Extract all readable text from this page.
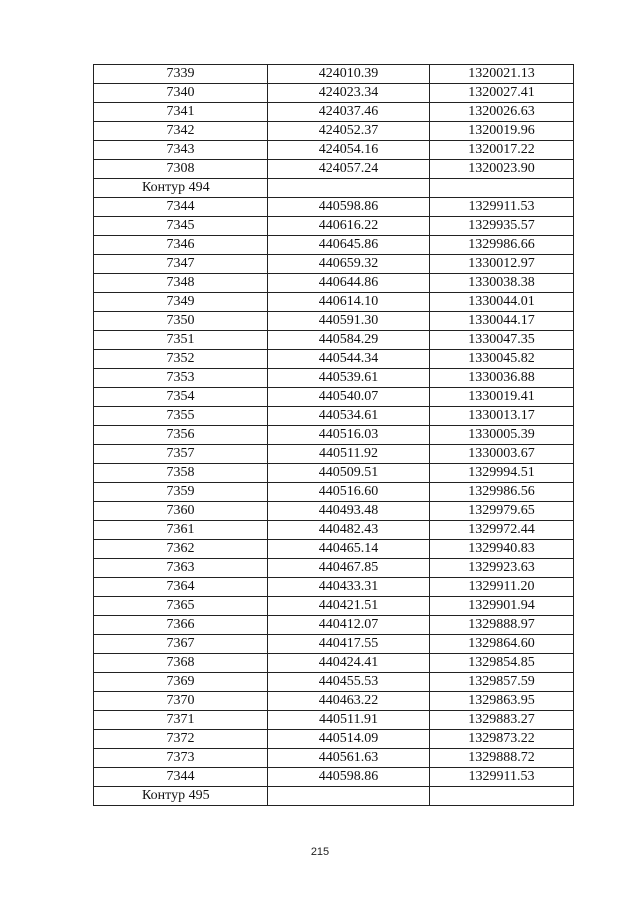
7339	424010.39	1320021.13
7340	424023.34	1320027.41
7341	424037.46	1320026.63
7342	424052.37	1320019.96
7343	424054.16	1320017.22
7308	424057.24	1320023.90
Контур 494		
7344	440598.86	1329911.53
7345	440616.22	1329935.57
7346	440645.86	1329986.66
7347	440659.32	1330012.97
7348	440644.86	1330038.38
7349	440614.10	1330044.01
7350	440591.30	1330044.17
7351	440584.29	1330047.35
7352	440544.34	1330045.82
7353	440539.61	1330036.88
7354	440540.07	1330019.41
7355	440534.61	1330013.17
7356	440516.03	1330005.39
7357	440511.92	1330003.67
7358	440509.51	1329994.51
7359	440516.60	1329986.56
7360	440493.48	1329979.65
7361	440482.43	1329972.44
7362	440465.14	1329940.83
7363	440467.85	1329923.63
7364	440433.31	1329911.20
7365	440421.51	1329901.94
7366	440412.07	1329888.97
7367	440417.55	1329864.60
7368	440424.41	1329854.85
7369	440455.53	1329857.59
7370	440463.22	1329863.95
7371	440511.91	1329883.27
7372	440514.09	1329873.22
7373	440561.63	1329888.72
7344	440598.86	1329911.53
Контур 495		
215
